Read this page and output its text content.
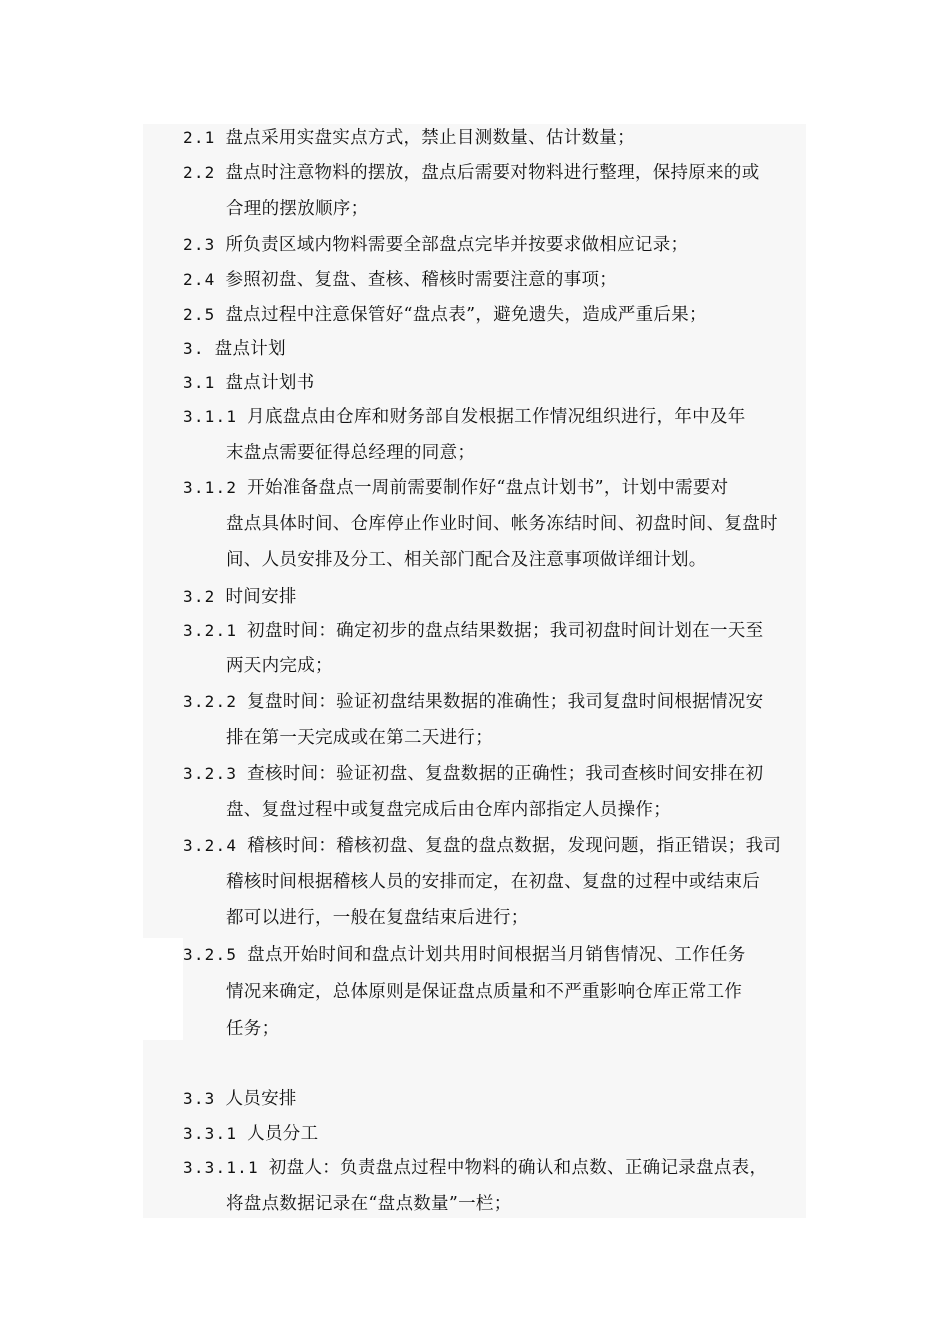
2.1 盘点采用实盘实点方式，禁止目测数量、估计数量；
2.2 盘点时注意物料的摆放，盘点后需要对物料进行整理，保持原来的或
合理的摆放顺序；
2.3 所负责区域内物料需要全部盘点完毕并按要求做相应记录；
2.4 参照初盘、复盘、查核、稽核时需要注意的事项；
2.5 盘点过程中注意保管好“盘点表”，避免遗失，造成严重后果；
3. 盘点计划
3.1 盘点计划书
3.1.1 月底盘点由仓库和财务部自发根据工作情况组织进行，年中及年
末盘点需要征得总经理的同意；
3.1.2 开始准备盘点一周前需要制作好“盘点计划书”，计划中需要对
盘点具体时间、仓库停止作业时间、帐务冻结时间、初盘时间、复盘时
间、人员安排及分工、相关部门配合及注意事项做详细计划。
3.2 时间安排
3.2.1 初盘时间：确定初步的盘点结果数据；我司初盘时间计划在一天至
两天内完成；
3.2.2 复盘时间：验证初盘结果数据的准确性；我司复盘时间根据情况安
排在第一天完成或在第二天进行；
3.2.3 查核时间：验证初盘、复盘数据的正确性；我司查核时间安排在初
盘、复盘过程中或复盘完成后由仓库内部指定人员操作；
3.2.4 稽核时间：稽核初盘、复盘的盘点数据，发现问题，指正错误；我司
稽核时间根据稽核人员的安排而定，在初盘、复盘的过程中或结束后
都可以进行，一般在复盘结束后进行；
3.2.5 盘点开始时间和盘点计划共用时间根据当月销售情况、工作任务
情况来确定，总体原则是保证盘点质量和不严重影响仓库正常工作
任务；
3.3 人员安排
3.3.1 人员分工
3.3.1.1 初盘人：负责盘点过程中物料的确认和点数、正确记录盘点表，
将盘点数据记录在“盘点数量”一栏；
